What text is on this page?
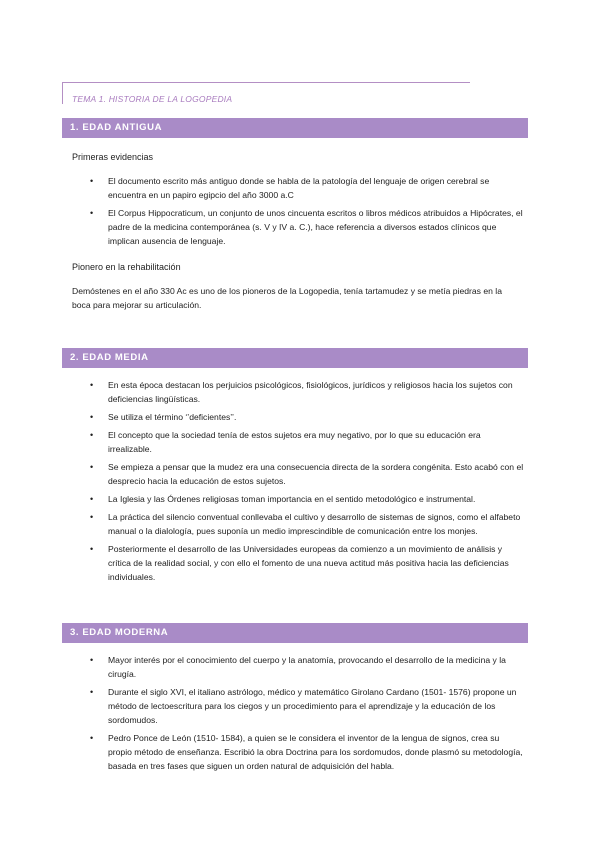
TEMA 1. HISTORIA DE LA LOGOPEDIA
1. EDAD ANTIGUA
Primeras evidencias
• El documento escrito más antiguo donde se habla de la patología del lenguaje de origen cerebral se encuentra en un papiro egipcio del año 3000 a.C
• El Corpus Hippocraticum, un conjunto de unos cincuenta escritos o libros médicos atribuidos a Hipócrates, el padre de la medicina contemporánea (s. V y IV a. C.), hace referencia a diversos estados clínicos que implican ausencia de lenguaje.
Pionero en la rehabilitación
Demóstenes en el año 330 Ac es uno de los pioneros de la Logopedia, tenía tartamudez y se metía piedras en la boca para mejorar su articulación.
2. EDAD MEDIA
• En esta época destacan los perjuicios psicológicos, fisiológicos, jurídicos y religiosos hacia los sujetos con deficiencias lingüísticas.
• Se utiliza el término ‘’deficientes’’.
• El concepto que la sociedad tenía de estos sujetos era muy negativo, por lo que su educación era irrealizable.
• Se empieza a pensar que la mudez era una consecuencia directa de la sordera congénita. Esto acabó con el desprecio hacia la educación de estos sujetos.
• La Iglesia y las Órdenes religiosas toman importancia en el sentido metodológico e instrumental.
• La práctica del silencio conventual conllevaba el cultivo y desarrollo de sistemas de signos, como el alfabeto manual o la dialología, pues suponía un medio imprescindible de comunicación entre los monjes.
• Posteriormente el desarrollo de las Universidades europeas da comienzo a un movimiento de análisis y crítica de la realidad social, y con ello el fomento de una nueva actitud más positiva hacia las deficiencias individuales.
3. EDAD MODERNA
• Mayor interés por el conocimiento del cuerpo y la anatomía, provocando el desarrollo de la medicina y la cirugía.
• Durante el siglo XVI, el italiano astrólogo, médico y matemático Girolano Cardano (1501- 1576) propone un método de lectoescritura para los ciegos y un procedimiento para el aprendizaje y la educación de los sordomudos.
• Pedro Ponce de León (1510- 1584), a quien se le considera el inventor de la lengua de signos, crea su propio método de enseñanza. Escribió la obra Doctrina para los sordomudos, donde plasmó su metodología, basada en tres fases que siguen un orden natural de adquisición del habla.
